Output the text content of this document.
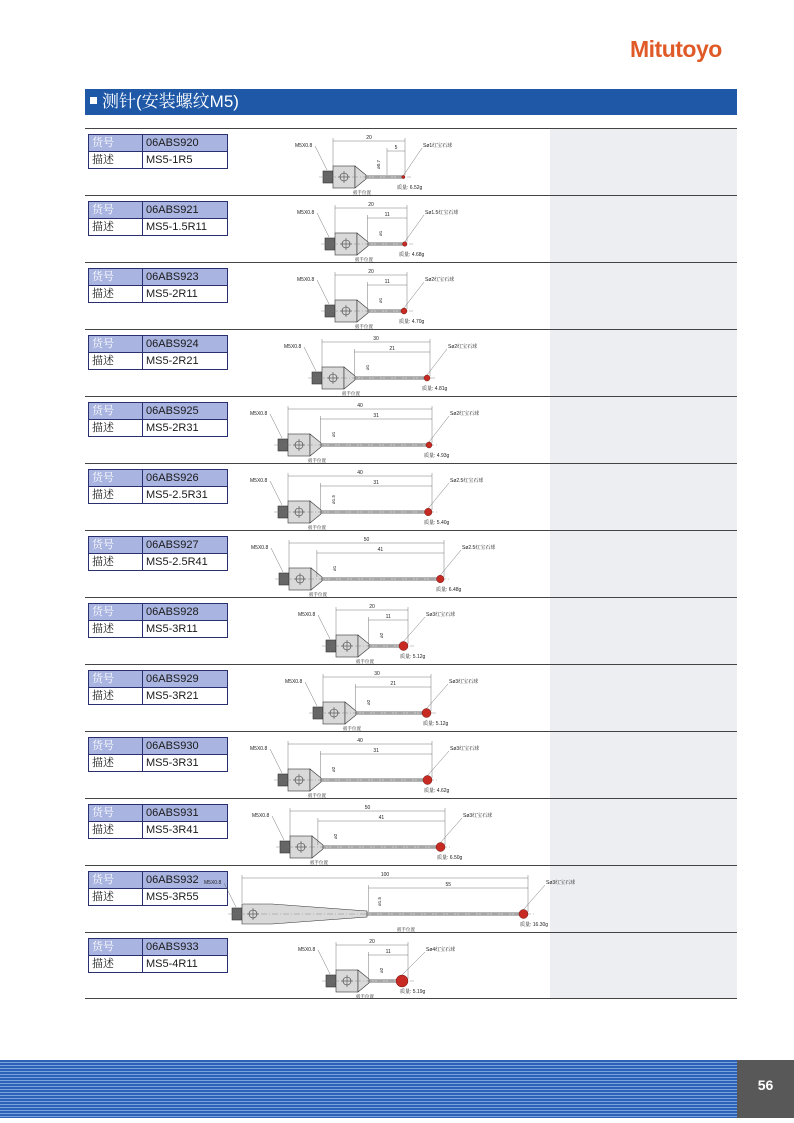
Mitutoyo
测针(安装螺纹M5)
货号	06ABS920
描述	MS5-1R5
20
5
M5X0.8
ø0.7
Sø1红宝石球
扳手位置
质量: 6.52g
货号	06ABS921
描述	MS5-1.5R11
20
11
M5X0.8
ø1
Sø1.5红宝石球
扳手位置
质量: 4.68g
货号	06ABS923
描述	MS5-2R11
20
11
M5X0.8
ø1
Sø2红宝石球
扳手位置
质量: 4.70g
货号	06ABS924
描述	MS5-2R21
30
21
M5X0.8
ø1
Sø2红宝石球
扳手位置
质量: 4.81g
货号	06ABS925
描述	MS5-2R31
40
31
M5X0.8
ø1
Sø2红宝石球
扳手位置
质量: 4.93g
货号	06ABS926
描述	MS5-2.5R31
40
31
M5X0.8
ø1.5
Sø2.5红宝石球
扳手位置
质量: 5.40g
货号	06ABS927
描述	MS5-2.5R41
50
41
M5X0.8
ø1
Sø2.5红宝石球
扳手位置
质量: 6.48g
货号	06ABS928
描述	MS5-3R11
20
11
M5X0.8
ø2
Sø3红宝石球
扳手位置
质量: 5.12g
货号	06ABS929
描述	MS5-3R21
30
21
M5X0.8
ø2
Sø3红宝石球
扳手位置
质量: 5.12g
货号	06ABS930
描述	MS5-3R31
40
31
M5X0.8
ø2
Sø3红宝石球
扳手位置
质量: 4.62g
货号	06ABS931
描述	MS5-3R41
50
41
M5X0.8
ø2
Sø3红宝石球
扳手位置
质量: 6.50g
货号	06ABS932
描述	MS5-3R55
100
55
M5X0.8
ø1.5
Sø3红宝石球
扳手位置
质量: 16.30g
货号	06ABS933
描述	MS5-4R11
20
11
M5X0.8
ø2
Sø4红宝石球
扳手位置
质量: 5.19g
56
